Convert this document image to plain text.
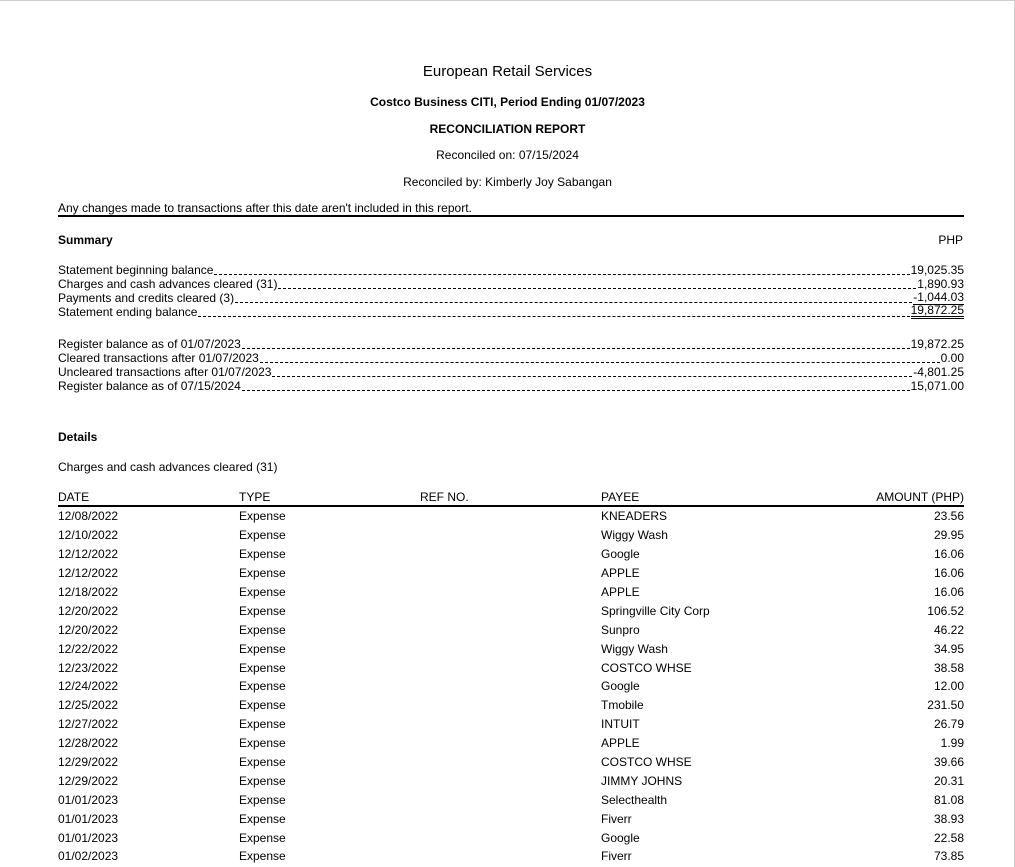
European Retail Services
Costco Business CITI, Period Ending 01/07/2023
RECONCILIATION REPORT
Reconciled on: 07/15/2024
Reconciled by: Kimberly Joy Sabangan
Any changes made to transactions after this date aren't included in this report.
Summary	PHP
Statement beginning balance	19,025.35
Charges and cash advances cleared (31)	1,890.93
Payments and credits cleared (3)	-1,044.03
Statement ending balance	19,872.25
Register balance as of 01/07/2023	19,872.25
Cleared transactions after 01/07/2023	0.00
Uncleared transactions after 01/07/2023	-4,801.25
Register balance as of 07/15/2024	15,071.00
Details
Charges and cash advances cleared (31)
DATE	TYPE	REF NO.	PAYEE	AMOUNT (PHP)
12/08/2022	Expense		KNEADERS	23.56
12/10/2022	Expense		Wiggy Wash	29.95
12/12/2022	Expense		Google	16.06
12/12/2022	Expense		APPLE	16.06
12/18/2022	Expense		APPLE	16.06
12/20/2022	Expense		Springville City Corp	106.52
12/20/2022	Expense		Sunpro	46.22
12/22/2022	Expense		Wiggy Wash	34.95
12/23/2022	Expense		COSTCO WHSE	38.58
12/24/2022	Expense		Google	12.00
12/25/2022	Expense		Tmobile	231.50
12/27/2022	Expense		INTUIT	26.79
12/28/2022	Expense		APPLE	1.99
12/29/2022	Expense		COSTCO WHSE	39.66
12/29/2022	Expense		JIMMY JOHNS	20.31
01/01/2023	Expense		Selecthealth	81.08
01/01/2023	Expense		Fiverr	38.93
01/01/2023	Expense		Google	22.58
01/02/2023	Expense		Fiverr	73.85
